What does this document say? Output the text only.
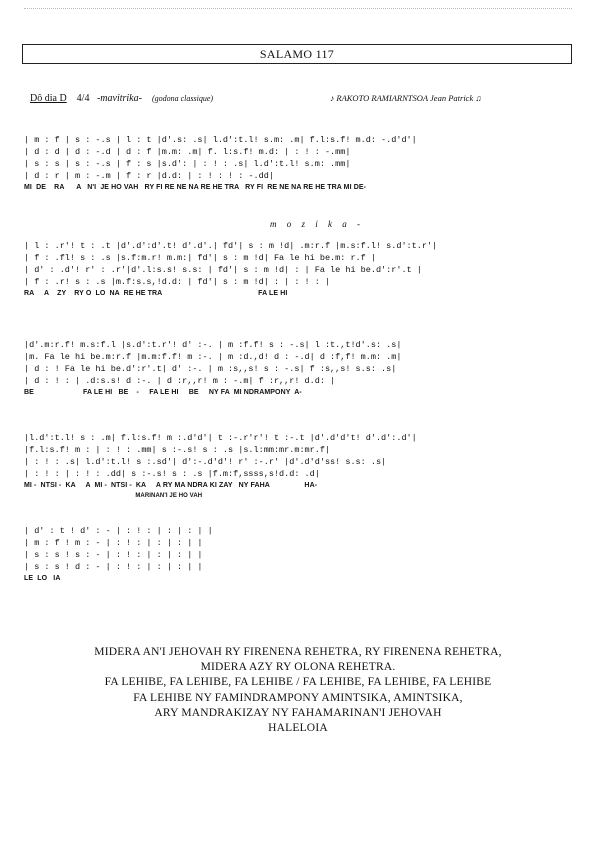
SALAMO 117
Dô dia D 4/4 -mavitrika- (godona classique)	♪ RAKOTO RAMIARNTSOA Jean Patrick ♫
| m : f | s : -.s | l : t |d'.s: .s| l.d':t.l! s.m: .m| f.l:s.f! m.d: -.d'd'|
| d : d | d : -.d | d : f |m.m: .m| f. l:s.f! m.d: | : ! : -.mm|
| s : s | s : -.s | f : s |s.d': | : ! : .s| l.d':t.l! s.m: .mm|
| d : r | m : -.m | f : r |d.d: | : ! : ! : -.dd|
MI  DE    RA      A   N'I  JE HO VAH   RY FI RE NE NA RE HE TRA   RY FI  RE NE NA RE HE TRA MI DE-
m o z i k a -
| l : .r'! t : .t |d'.d':d'.t! d'.d'.| fd'| s : m !d| .m:r.f |m.s:f.l! s.d':t.r'|
| f : .fl! s : .s |s.f:m.r! m.m:| fd'| s : m !d| Fa le hi be.m: r.f |
| d' : .d'! r' : .r'|d'.l:s.s! s.s: | fd'| s : m !d| : | Fa le hi be.d':r'.t |
| f : .r! s : .s |m.f:s.s,!d.d: | fd'| s : m !d| : | : ! : |
RA     A    ZY    RY O  LO  NA  RE HE TRA                                               FA LE HI
|d'.m:r.f! m.s:f.l |s.d':t.r'! d' :-. | m :f.f! s : -.s| l :t.,t!d'.s: .s|
|m. Fa le hi be.m:r.f |m.m:f.f! m :-. | m :d.,d! d : -.d| d :f,f! m.m: .m|
| d : ! Fa le hi be.d':r'.t| d' :-. | m :s,,s! s : -.s| f :s,,s! s.s: .s|
| d : ! : | .d:s.s! d :-. | d :r,,r! m : -.m| f :r,,r! d.d: |
BE                        FA LE HI   BE    -     FA LE HI     BE     NY FA  MI NDRAMPONY  A-
|l.d':t.l! s : .m| f.l:s.f! m :.d'd'| t :-.r'r'! t :-.t |d'.d'd't! d'.d':.d'|
|f.l:s.f! m : | : ! : .mm| s :-.s! s : .s |s.l:mm:mr.m:mr.f|
| : ! : .s| l.d':t.l! s :.sd'| d':-.d'd'! r' :-.r' |d'.d'd'ss! s.s: .s|
| : ! : | : ! : .dd| s :-.s! s : .s |f.m:f,ssss,s!d.d: .d|
MI -  NTSI -  KA     A  MI -  NTSI -  KA     A RY MA NDRA KI ZAY   NY FAHA                 HA-
MARINAN'I JE HO VAH
| d' : t ! d' : - | : ! : | : | : | |
| m : f ! m : - | : ! : | : | : | |
| s : s ! s : - | : ! : | : | : | |
| s : s ! d : - | : ! : | : | : | |
LE  LO   IA
MIDERA AN'I JEHOVAH RY FIRENENA REHETRA, RY FIRENENA REHETRA,
MIDERA AZY RY OLONA REHETRA.
FA LEHIBE, FA LEHIBE, FA LEHIBE / FA LEHIBE, FA LEHIBE, FA LEHIBE
FA LEHIBE NY FAMINDRAMPONY AMINTSIKA, AMINTSIKA,
ARY MANDRAKIZAY NY FAHAMARINAN'I JEHOVAH
HALELOIA
